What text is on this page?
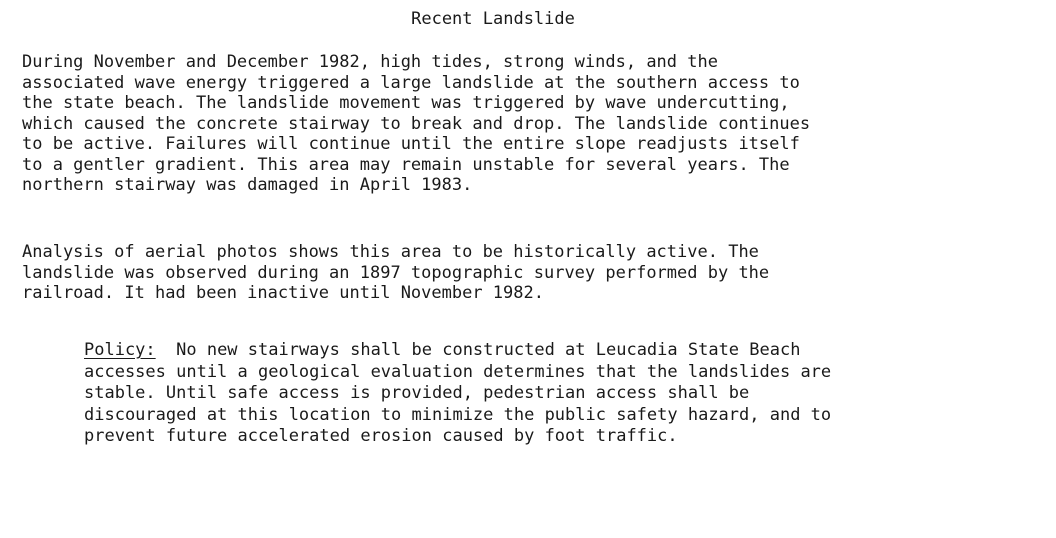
Recent Landslide
During November and December 1982, high tides, strong winds, and the
associated wave energy triggered a large landslide at the southern access to
the state beach. The landslide movement was triggered by wave undercutting,
which caused the concrete stairway to break and drop. The landslide continues
to be active. Failures will continue until the entire slope readjusts itself
to a gentler gradient. This area may remain unstable for several years. The
northern stairway was damaged in April 1983.
Analysis of aerial photos shows this area to be historically active. The
landslide was observed during an 1897 topographic survey performed by the
railroad. It had been inactive until November 1982.
Policy:  No new stairways shall be constructed at Leucadia State Beach
accesses until a geological evaluation determines that the landslides are
stable. Until safe access is provided, pedestrian access shall be
discouraged at this location to minimize the public safety hazard, and to
prevent future accelerated erosion caused by foot traffic.
